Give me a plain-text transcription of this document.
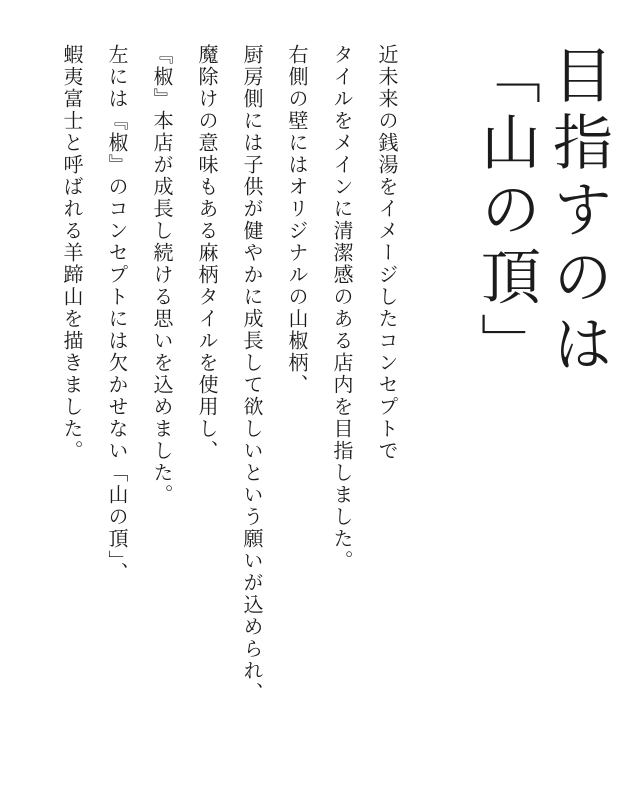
目指すのは
「山の頂」

近未来の銭湯をイメージしたコンセプトで

タイルをメインに清潔感のある店内を目指しました。

右側の壁にはオリジナルの山椒柄、

厨房側には子供が健やかに成長して欲しいという願いが込められ、

魔除けの意味もある麻柄タイルを使用し、

『椒』本店が成長し続ける思いを込めました。

左には『椒』のコンセプトには欠かせない「山の頂」、

蝦夷富士と呼ばれる羊蹄山を描きました。
